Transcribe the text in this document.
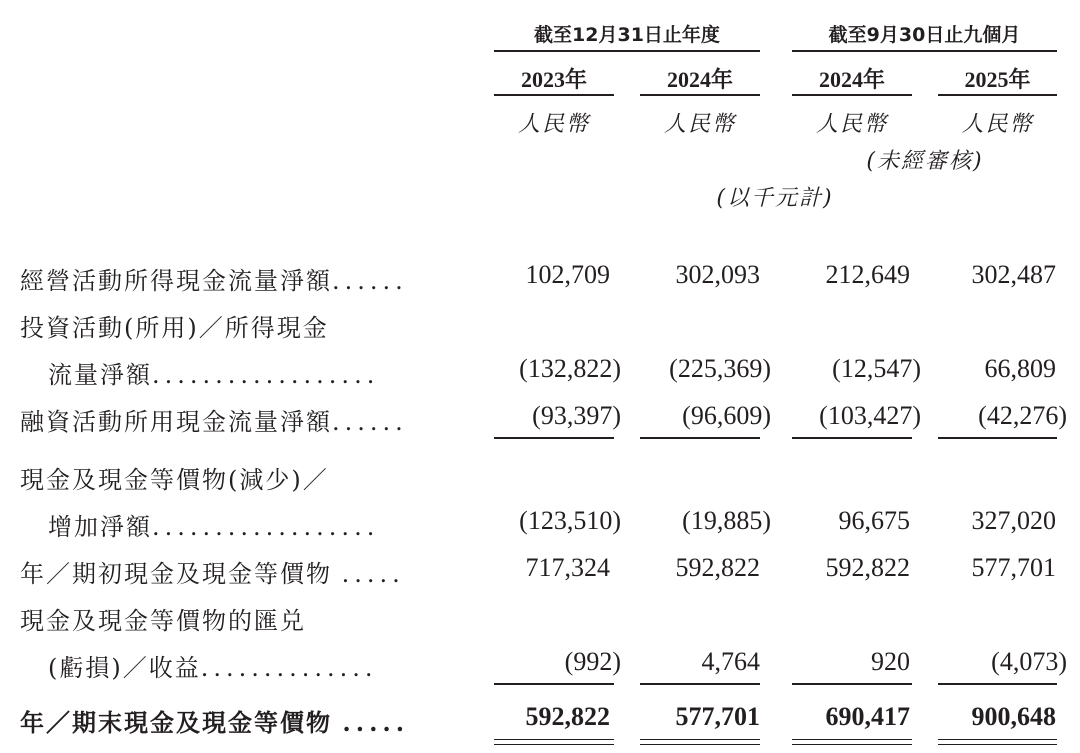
截至12月31日止年度	截至9月30日止九個月
2023年	2024年	2024年	2025年
人民幣	人民幣	人民幣	人民幣
(未經審核)
(以千元計)
經營活動所得現金流量淨額......	102,709	302,093	212,649 302,487
投資活動(所用)／所得現金
流量淨額..................	(132,822) (225,369) (12,547) 66,809
融資活動所用現金流量淨額......	(93,397) (96,609) (103,427) (42,276)
現金及現金等價物(減少)／
增加淨額..................	(123,510) (19,885)	96,675 327,020
年／期初現金及現金等價物 .....	717,324	592,822	592,822 577,701
現金及現金等價物的匯兑
(虧損)／收益..............	(992)	4,764	920	(4,073)
年／期末現金及現金等價物 .....	592,822	577,701	690,417 900,648
